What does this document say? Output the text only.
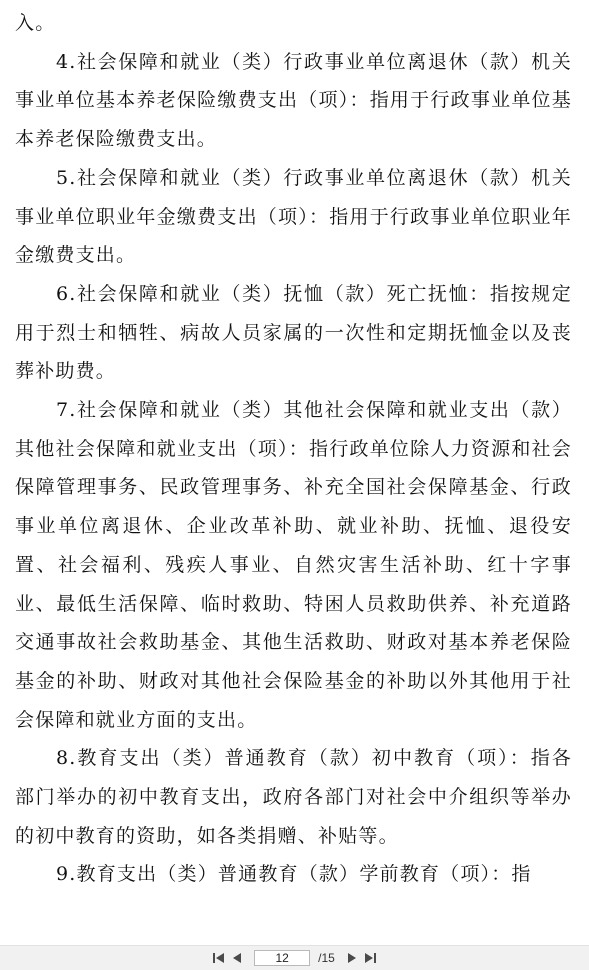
入。

4.社会保障和就业（类）行政事业单位离退休（款）机关事业单位基本养老保险缴费支出（项）：指用于行政事业单位基本养老保险缴费支出。

5.社会保障和就业（类）行政事业单位离退休（款）机关事业单位职业年金缴费支出（项）：指用于行政事业单位职业年金缴费支出。

6.社会保障和就业（类）抚恤（款）死亡抚恤：指按规定用于烈士和牺牲、病故人员家属的一次性和定期抚恤金以及丧葬补助费。

7.社会保障和就业（类）其他社会保障和就业支出（款）其他社会保障和就业支出（项）：指行政单位除人力资源和社会保障管理事务、民政管理事务、补充全国社会保障基金、行政事业单位离退休、企业改革补助、就业补助、抚恤、退役安置、社会福利、残疾人事业、自然灾害生活补助、红十字事业、最低生活保障、临时救助、特困人员救助供养、补充道路交通事故社会救助基金、其他生活救助、财政对基本养老保险基金的补助、财政对其他社会保险基金的补助以外其他用于社会保障和就业方面的支出。

8.教育支出（类）普通教育（款）初中教育（项）：指各部门举办的初中教育支出，政府各部门对社会中介组织等举办的初中教育的资助，如各类捐赠、补贴等。

9.教育支出（类）普通教育（款）学前教育（项）：指

12
/15
